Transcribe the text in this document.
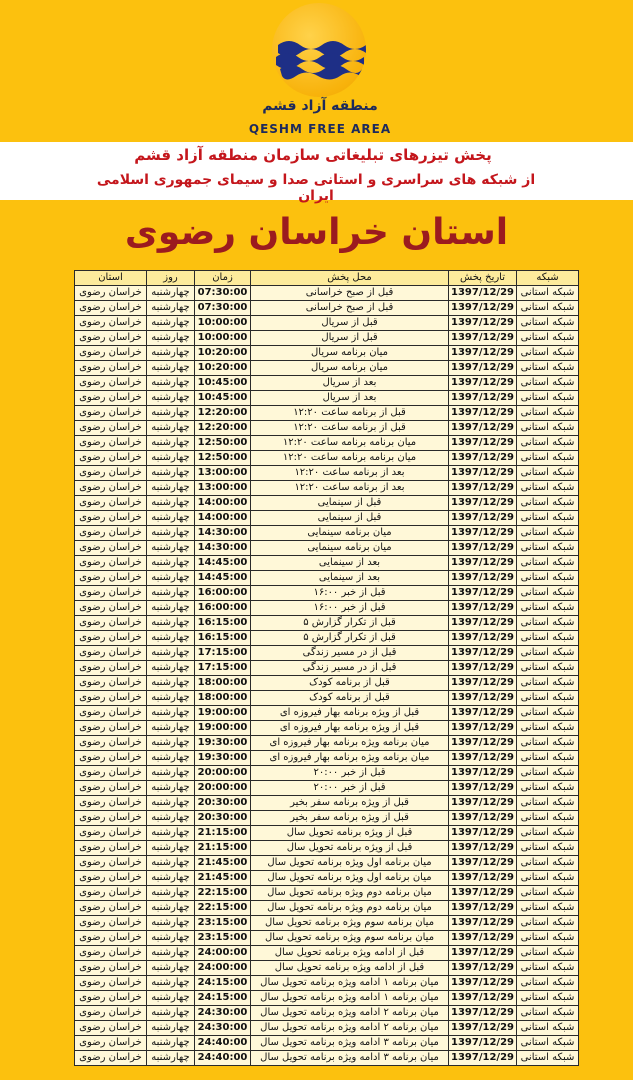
منطقه آزاد قشم
QESHM FREE AREA
پخش تیزرهای تبلیغاتی سازمان منطقه آزاد قشم
از شبکه های سراسری و استانی صدا و سیمای جمهوری اسلامی ایران
استان خراسان رضوی
استان	روز	زمان	محل پخش	تاریخ پخش	شبکه
خراسان رضوی	چهارشنبه	07:30:00	قبل از صبح خراسانی	1397/12/29	شبکه استانی
خراسان رضوی	چهارشنبه	07:30:00	قبل از صبح خراسانی	1397/12/29	شبکه استانی
خراسان رضوی	چهارشنبه	10:00:00	قبل از سریال	1397/12/29	شبکه استانی
خراسان رضوی	چهارشنبه	10:00:00	قبل از سریال	1397/12/29	شبکه استانی
خراسان رضوی	چهارشنبه	10:20:00	میان برنامه سریال	1397/12/29	شبکه استانی
خراسان رضوی	چهارشنبه	10:20:00	میان برنامه سریال	1397/12/29	شبکه استانی
خراسان رضوی	چهارشنبه	10:45:00	بعد از سریال	1397/12/29	شبکه استانی
خراسان رضوی	چهارشنبه	10:45:00	بعد از سریال	1397/12/29	شبکه استانی
خراسان رضوی	چهارشنبه	12:20:00	قبل از برنامه ساعت ۱۲:۲۰	1397/12/29	شبکه استانی
خراسان رضوی	چهارشنبه	12:20:00	قبل از برنامه ساعت ۱۲:۲۰	1397/12/29	شبکه استانی
خراسان رضوی	چهارشنبه	12:50:00	میان برنامه برنامه ساعت ۱۲:۲۰	1397/12/29	شبکه استانی
خراسان رضوی	چهارشنبه	12:50:00	میان برنامه برنامه ساعت ۱۲:۲۰	1397/12/29	شبکه استانی
خراسان رضوی	چهارشنبه	13:00:00	بعد از برنامه ساعت ۱۲:۲۰	1397/12/29	شبکه استانی
خراسان رضوی	چهارشنبه	13:00:00	بعد از برنامه ساعت ۱۲:۲۰	1397/12/29	شبکه استانی
خراسان رضوی	چهارشنبه	14:00:00	قبل از سینمایی	1397/12/29	شبکه استانی
خراسان رضوی	چهارشنبه	14:00:00	قبل از سینمایی	1397/12/29	شبکه استانی
خراسان رضوی	چهارشنبه	14:30:00	میان برنامه سینمایی	1397/12/29	شبکه استانی
خراسان رضوی	چهارشنبه	14:30:00	میان برنامه سینمایی	1397/12/29	شبکه استانی
خراسان رضوی	چهارشنبه	14:45:00	بعد از سینمایی	1397/12/29	شبکه استانی
خراسان رضوی	چهارشنبه	14:45:00	بعد از سینمایی	1397/12/29	شبکه استانی
خراسان رضوی	چهارشنبه	16:00:00	قبل از خبر ۱۶:۰۰	1397/12/29	شبکه استانی
خراسان رضوی	چهارشنبه	16:00:00	قبل از خبر ۱۶:۰۰	1397/12/29	شبکه استانی
خراسان رضوی	چهارشنبه	16:15:00	قبل از تکرار گزارش ۵	1397/12/29	شبکه استانی
خراسان رضوی	چهارشنبه	16:15:00	قبل از تکرار گزارش ۵	1397/12/29	شبکه استانی
خراسان رضوی	چهارشنبه	17:15:00	قبل از در مسیر زندگی	1397/12/29	شبکه استانی
خراسان رضوی	چهارشنبه	17:15:00	قبل از در مسیر زندگی	1397/12/29	شبکه استانی
خراسان رضوی	چهارشنبه	18:00:00	قبل از برنامه کودک	1397/12/29	شبکه استانی
خراسان رضوی	چهارشنبه	18:00:00	قبل از برنامه کودک	1397/12/29	شبکه استانی
خراسان رضوی	چهارشنبه	19:00:00	قبل از ویژه برنامه بهار فیروزه ای	1397/12/29	شبکه استانی
خراسان رضوی	چهارشنبه	19:00:00	قبل از ویژه برنامه بهار فیروزه ای	1397/12/29	شبکه استانی
خراسان رضوی	چهارشنبه	19:30:00	میان برنامه ویژه برنامه بهار فیروزه ای	1397/12/29	شبکه استانی
خراسان رضوی	چهارشنبه	19:30:00	میان برنامه ویژه برنامه بهار فیروزه ای	1397/12/29	شبکه استانی
خراسان رضوی	چهارشنبه	20:00:00	قبل از خبر ۲۰:۰۰	1397/12/29	شبکه استانی
خراسان رضوی	چهارشنبه	20:00:00	قبل از خبر ۲۰:۰۰	1397/12/29	شبکه استانی
خراسان رضوی	چهارشنبه	20:30:00	قبل از ویژه برنامه سفر بخیر	1397/12/29	شبکه استانی
خراسان رضوی	چهارشنبه	20:30:00	قبل از ویژه برنامه سفر بخیر	1397/12/29	شبکه استانی
خراسان رضوی	چهارشنبه	21:15:00	قبل از ویژه برنامه تحویل سال	1397/12/29	شبکه استانی
خراسان رضوی	چهارشنبه	21:15:00	قبل از ویژه برنامه تحویل سال	1397/12/29	شبکه استانی
خراسان رضوی	چهارشنبه	21:45:00	میان برنامه اول ویژه برنامه تحویل سال	1397/12/29	شبکه استانی
خراسان رضوی	چهارشنبه	21:45:00	میان برنامه اول ویژه برنامه تحویل سال	1397/12/29	شبکه استانی
خراسان رضوی	چهارشنبه	22:15:00	میان برنامه دوم ویژه برنامه تحویل سال	1397/12/29	شبکه استانی
خراسان رضوی	چهارشنبه	22:15:00	میان برنامه دوم ویژه برنامه تحویل سال	1397/12/29	شبکه استانی
خراسان رضوی	چهارشنبه	23:15:00	میان برنامه سوم ویژه برنامه تحویل سال	1397/12/29	شبکه استانی
خراسان رضوی	چهارشنبه	23:15:00	میان برنامه سوم ویژه برنامه تحویل سال	1397/12/29	شبکه استانی
خراسان رضوی	چهارشنبه	24:00:00	قبل از ادامه ویژه برنامه تحویل سال	1397/12/29	شبکه استانی
خراسان رضوی	چهارشنبه	24:00:00	قبل از ادامه ویژه برنامه تحویل سال	1397/12/29	شبکه استانی
خراسان رضوی	چهارشنبه	24:15:00	میان برنامه ۱ ادامه ویژه برنامه تحویل سال	1397/12/29	شبکه استانی
خراسان رضوی	چهارشنبه	24:15:00	میان برنامه ۱ ادامه ویژه برنامه تحویل سال	1397/12/29	شبکه استانی
خراسان رضوی	چهارشنبه	24:30:00	میان برنامه ۲ ادامه ویژه برنامه تحویل سال	1397/12/29	شبکه استانی
خراسان رضوی	چهارشنبه	24:30:00	میان برنامه ۲ ادامه ویژه برنامه تحویل سال	1397/12/29	شبکه استانی
خراسان رضوی	چهارشنبه	24:40:00	میان برنامه ۳ ادامه ویژه برنامه تحویل سال	1397/12/29	شبکه استانی
خراسان رضوی	چهارشنبه	24:40:00	میان برنامه ۳ ادامه ویژه برنامه تحویل سال	1397/12/29	شبکه استانی
